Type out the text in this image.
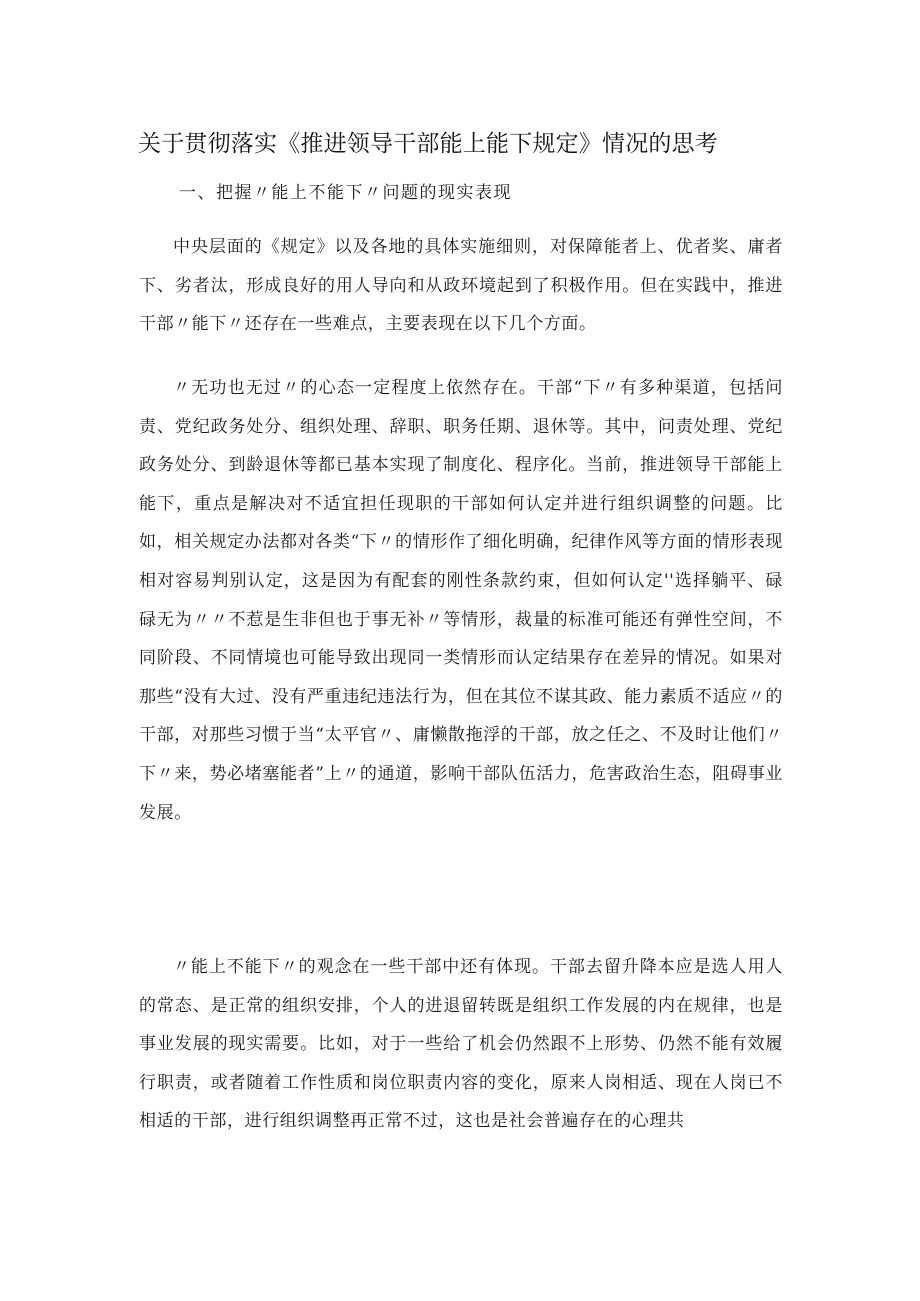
关于贯彻落实《推进领导干部能上能下规定》情况的思考
一、把握〃能上不能下〃问题的现实表现

中央层面的《规定》以及各地的具体实施细则，对保障能者上、优者奖、庸者下、劣者汰，形成良好的用人导向和从政环境起到了积极作用。但在实践中，推进干部〃能下〃还存在一些难点，主要表现在以下几个方面。

〃无功也无过〃的心态一定程度上依然存在。干部“下〃有多种渠道，包括问责、党纪政务处分、组织处理、辞职、职务任期、退休等。其中，问责处理、党纪政务处分、到龄退休等都已基本实现了制度化、程序化。当前，推进领导干部能上能下，重点是解决对不适宜担任现职的干部如何认定并进行组织调整的问题。比如，相关规定办法都对各类“下〃的情形作了细化明确，纪律作风等方面的情形表现相对容易判别认定，这是因为有配套的刚性条款约束，但如何认定''选择躺平、碌碌无为〃〃不惹是生非但也于事无补〃等情形，裁量的标准可能还有弹性空间，不同阶段、不同情境也可能导致出现同一类情形而认定结果存在差异的情况。如果对那些“没有大过、没有严重违纪违法行为，但在其位不谋其政、能力素质不适应〃的干部，对那些习惯于当“太平官〃、庸懒散拖浮的干部，放之任之、不及时让他们〃下〃来，势必堵塞能者”上〃的通道，影响干部队伍活力，危害政治生态，阻碍事业发展。

〃能上不能下〃的观念在一些干部中还有体现。干部去留升降本应是选人用人的常态、是正常的组织安排，个人的进退留转既是组织工作发展的内在规律，也是事业发展的现实需要。比如，对于一些给了机会仍然跟不上形势、仍然不能有效履行职责，或者随着工作性质和岗位职责内容的变化，原来人岗相适、现在人岗已不相适的干部，进行组织调整再正常不过，这也是社会普遍存在的心理共
